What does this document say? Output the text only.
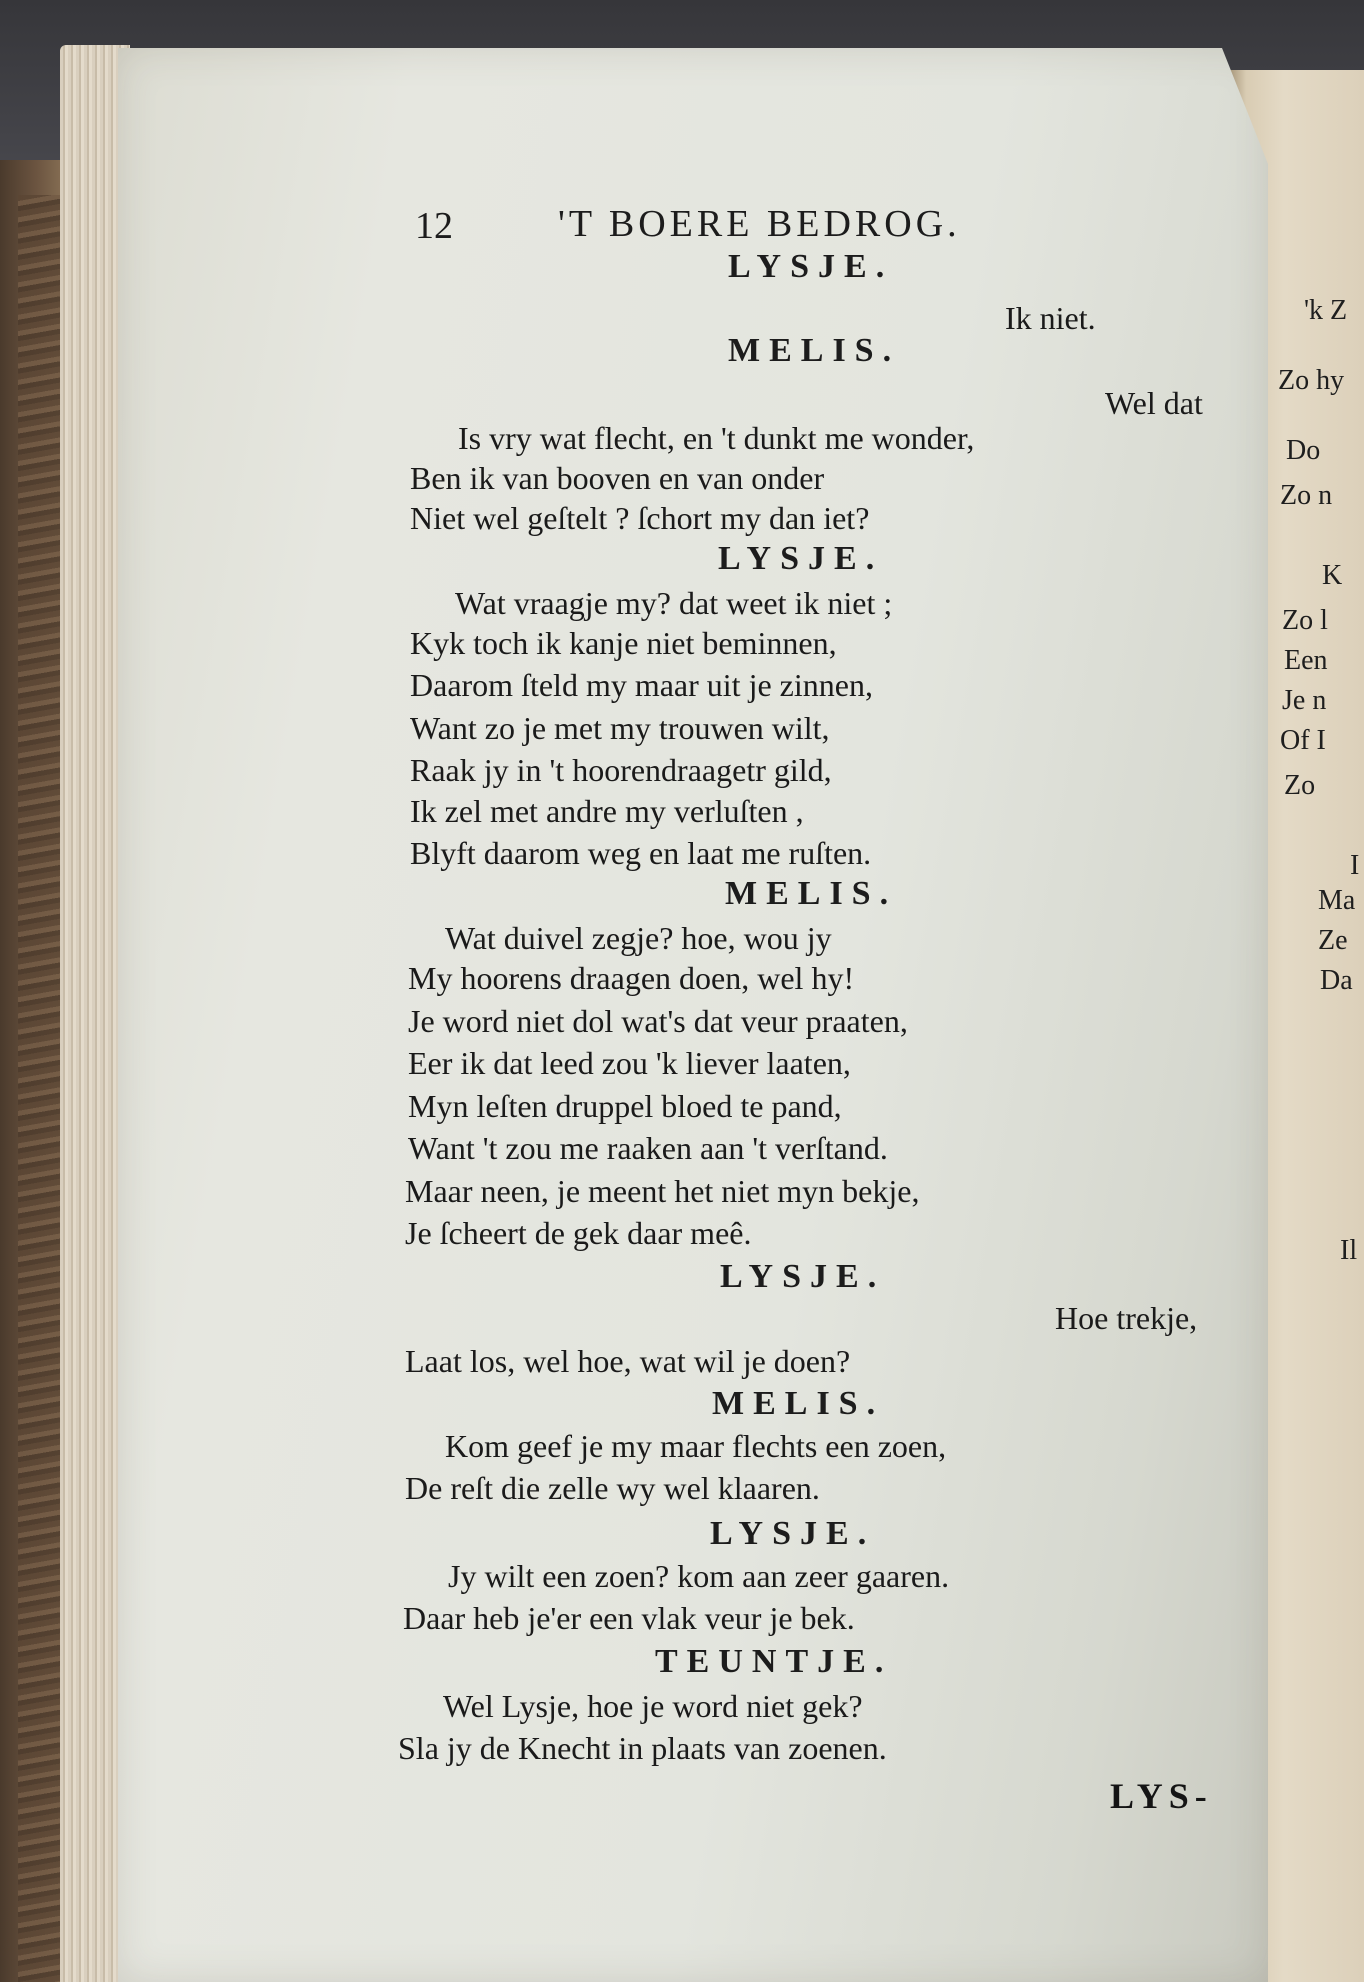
'k Z
Zo hy
Do
Zo n
K
Zo l
Een
Je n
Of I
Zo
I
Ma
Ze
Da
Il
12	'T BOERE BEDROG.
LYSJE.
Ik niet.
MELIS.
Wel dat
Is vry wat flecht, en 't dunkt me wonder,
Ben ik van booven en van onder
Niet wel geſtelt ? ſchort my dan iet?
LYSJE.
Wat vraagje my? dat weet ik niet ;
Kyk toch ik kanje niet beminnen,
Daarom ſteld my maar uit je zinnen,
Want zo je met my trouwen wilt,
Raak jy in 't hoorendraagetr gild,
Ik zel met andre my verluſten ,
Blyft daarom weg en laat me ruſten.
MELIS.
Wat duivel zegje? hoe, wou jy
My hoorens draagen doen, wel hy!
Je word niet dol wat's dat veur praaten,
Eer ik dat leed zou 'k liever laaten,
Myn leſten druppel bloed te pand,
Want 't zou me raaken aan 't verſtand.
Maar neen, je meent het niet myn bekje,
Je ſcheert de gek daar meê.
LYSJE.
Hoe trekje,
Laat los, wel hoe, wat wil je doen?
MELIS.
Kom geef je my maar flechts een zoen,
De reſt die zelle wy wel klaaren.
LYSJE.
Jy wilt een zoen? kom aan zeer gaaren.
Daar heb je'er een vlak veur je bek.
TEUNTJE.
Wel Lysje, hoe je word niet gek?
Sla jy de Knecht in plaats van zoenen.
LYS-
